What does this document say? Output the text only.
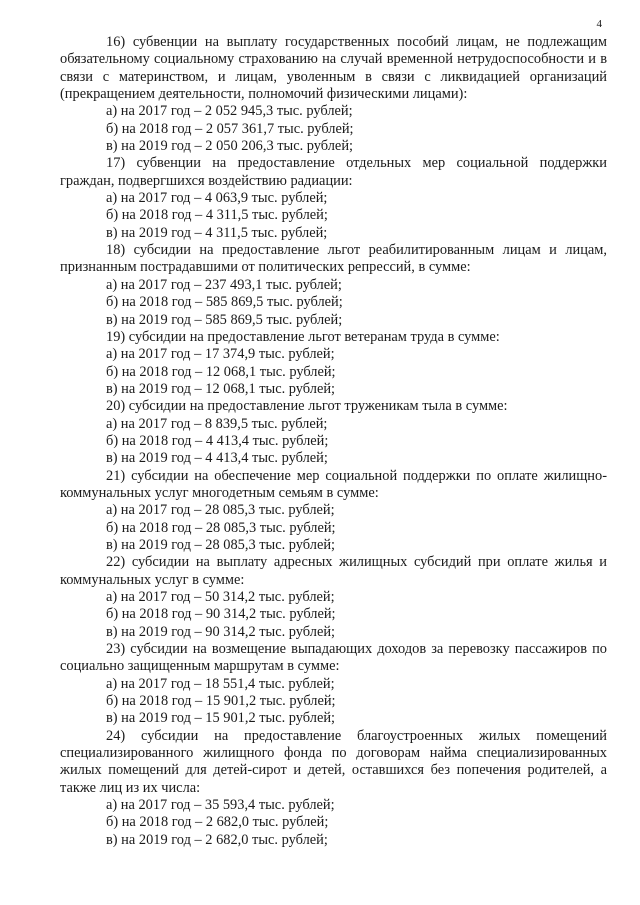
4

16) субвенции на выплату государственных пособий лицам, не подлежащим обязательному социальному страхованию на случай временной нетрудоспособности и в связи с материнством, и лицам, уволенным в связи с ликвидацией организаций (прекращением деятельности, полномочий физическими лицами):

а) на 2017 год – 2 052 945,3 тыс. рублей;

б) на 2018 год – 2 057 361,7 тыс. рублей;

в) на 2019 год – 2 050 206,3 тыс. рублей;

17) субвенции на предоставление отдельных мер социальной поддержки граждан, подвергшихся воздействию радиации:

а) на 2017 год – 4 063,9 тыс. рублей;

б) на 2018 год – 4 311,5 тыс. рублей;

в) на 2019 год – 4 311,5 тыс. рублей;

18) субсидии на предоставление льгот реабилитированным лицам и лицам, признанным пострадавшими от политических репрессий, в сумме:

а) на 2017 год – 237 493,1 тыс. рублей;

б) на 2018 год – 585 869,5 тыс. рублей;

в) на 2019 год – 585 869,5 тыс. рублей;

19) субсидии на предоставление льгот ветеранам труда в сумме:

а) на 2017 год – 17 374,9 тыс. рублей;

б) на 2018 год – 12 068,1 тыс. рублей;

в) на 2019 год – 12 068,1 тыс. рублей;

20) субсидии на предоставление льгот труженикам тыла в сумме:

а) на 2017 год – 8 839,5 тыс. рублей;

б) на 2018 год – 4 413,4 тыс. рублей;

в) на 2019 год – 4 413,4 тыс. рублей;

21) субсидии на обеспечение мер социальной поддержки по оплате жилищно-коммунальных услуг многодетным семьям в сумме:

а) на 2017 год – 28 085,3 тыс. рублей;

б) на 2018 год – 28 085,3 тыс. рублей;

в) на 2019 год – 28 085,3 тыс. рублей;

22) субсидии на выплату адресных жилищных субсидий при оплате жилья и коммунальных услуг в сумме:

а) на 2017 год – 50 314,2 тыс. рублей;

б) на 2018 год – 90 314,2 тыс. рублей;

в) на 2019 год – 90 314,2 тыс. рублей;

23) субсидии на возмещение выпадающих доходов за перевозку пассажиров по социально защищенным маршрутам в сумме:

а) на 2017 год – 18 551,4 тыс. рублей;

б) на 2018 год – 15 901,2 тыс. рублей;

в) на 2019 год – 15 901,2 тыс. рублей;

24) субсидии на предоставление благоустроенных жилых помещений специализированного жилищного фонда по договорам найма специализированных жилых помещений для детей-сирот и детей, оставшихся без попечения родителей, а также лиц из их числа:

а) на 2017 год – 35 593,4 тыс. рублей;

б) на 2018 год – 2 682,0 тыс. рублей;

в) на 2019 год – 2 682,0 тыс. рублей;
